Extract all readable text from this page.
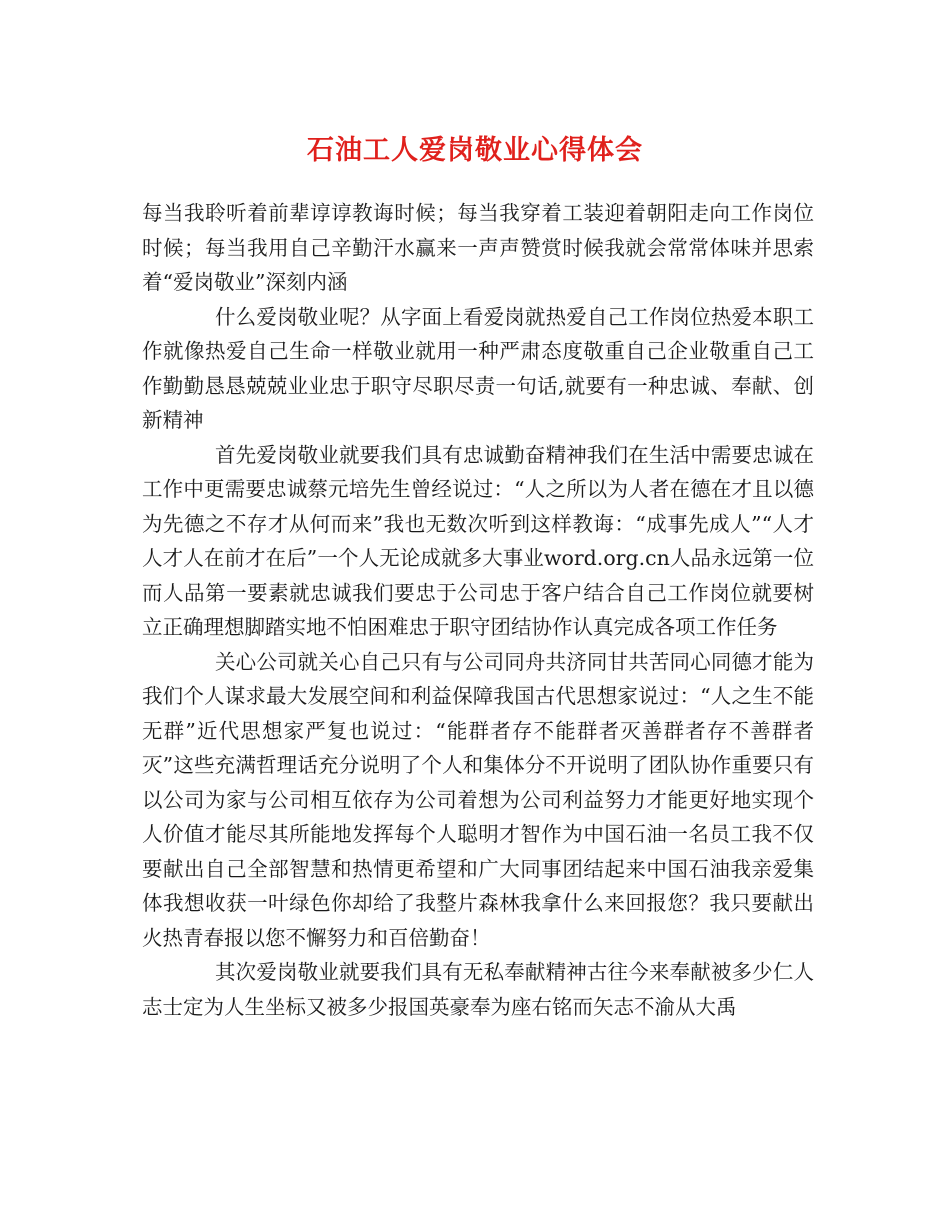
石油工人爱岗敬业心得体会

每当我聆听着前辈谆谆教诲时候；每当我穿着工装迎着朝阳走向工作岗位时候；每当我用自己辛勤汗水赢来一声声赞赏时候我就会常常体味并思索着“爱岗敬业”深刻内涵

什么爱岗敬业呢？从字面上看爱岗就热爱自己工作岗位热爱本职工作就像热爱自己生命一样敬业就用一种严肃态度敬重自己企业敬重自己工作勤勤恳恳兢兢业业忠于职守尽职尽责一句话,就要有一种忠诚、奉献、创新精神

首先爱岗敬业就要我们具有忠诚勤奋精神我们在生活中需要忠诚在工作中更需要忠诚蔡元培先生曾经说过：“人之所以为人者在德在才且以德为先德之不存才从何而来”我也无数次听到这样教诲：“成事先成人”“人才人才人在前才在后”一个人无论成就多大事业word.org.cn人品永远第一位而人品第一要素就忠诚我们要忠于公司忠于客户结合自己工作岗位就要树立正确理想脚踏实地不怕困难忠于职守团结协作认真完成各项工作任务

关心公司就关心自己只有与公司同舟共济同甘共苦同心同德才能为我们个人谋求最大发展空间和利益保障我国古代思想家说过：“人之生不能无群”近代思想家严复也说过：“能群者存不能群者灭善群者存不善群者灭”这些充满哲理话充分说明了个人和集体分不开说明了团队协作重要只有以公司为家与公司相互依存为公司着想为公司利益努力才能更好地实现个人价值才能尽其所能地发挥每个人聪明才智作为中国石油一名员工我不仅要献出自己全部智慧和热情更希望和广大同事团结起来中国石油我亲爱集体我想收获一叶绿色你却给了我整片森林我拿什么来回报您？我只要献出火热青春报以您不懈努力和百倍勤奋！

其次爱岗敬业就要我们具有无私奉献精神古往今来奉献被多少仁人志士定为人生坐标又被多少报国英豪奉为座右铭而矢志不渝从大禹
